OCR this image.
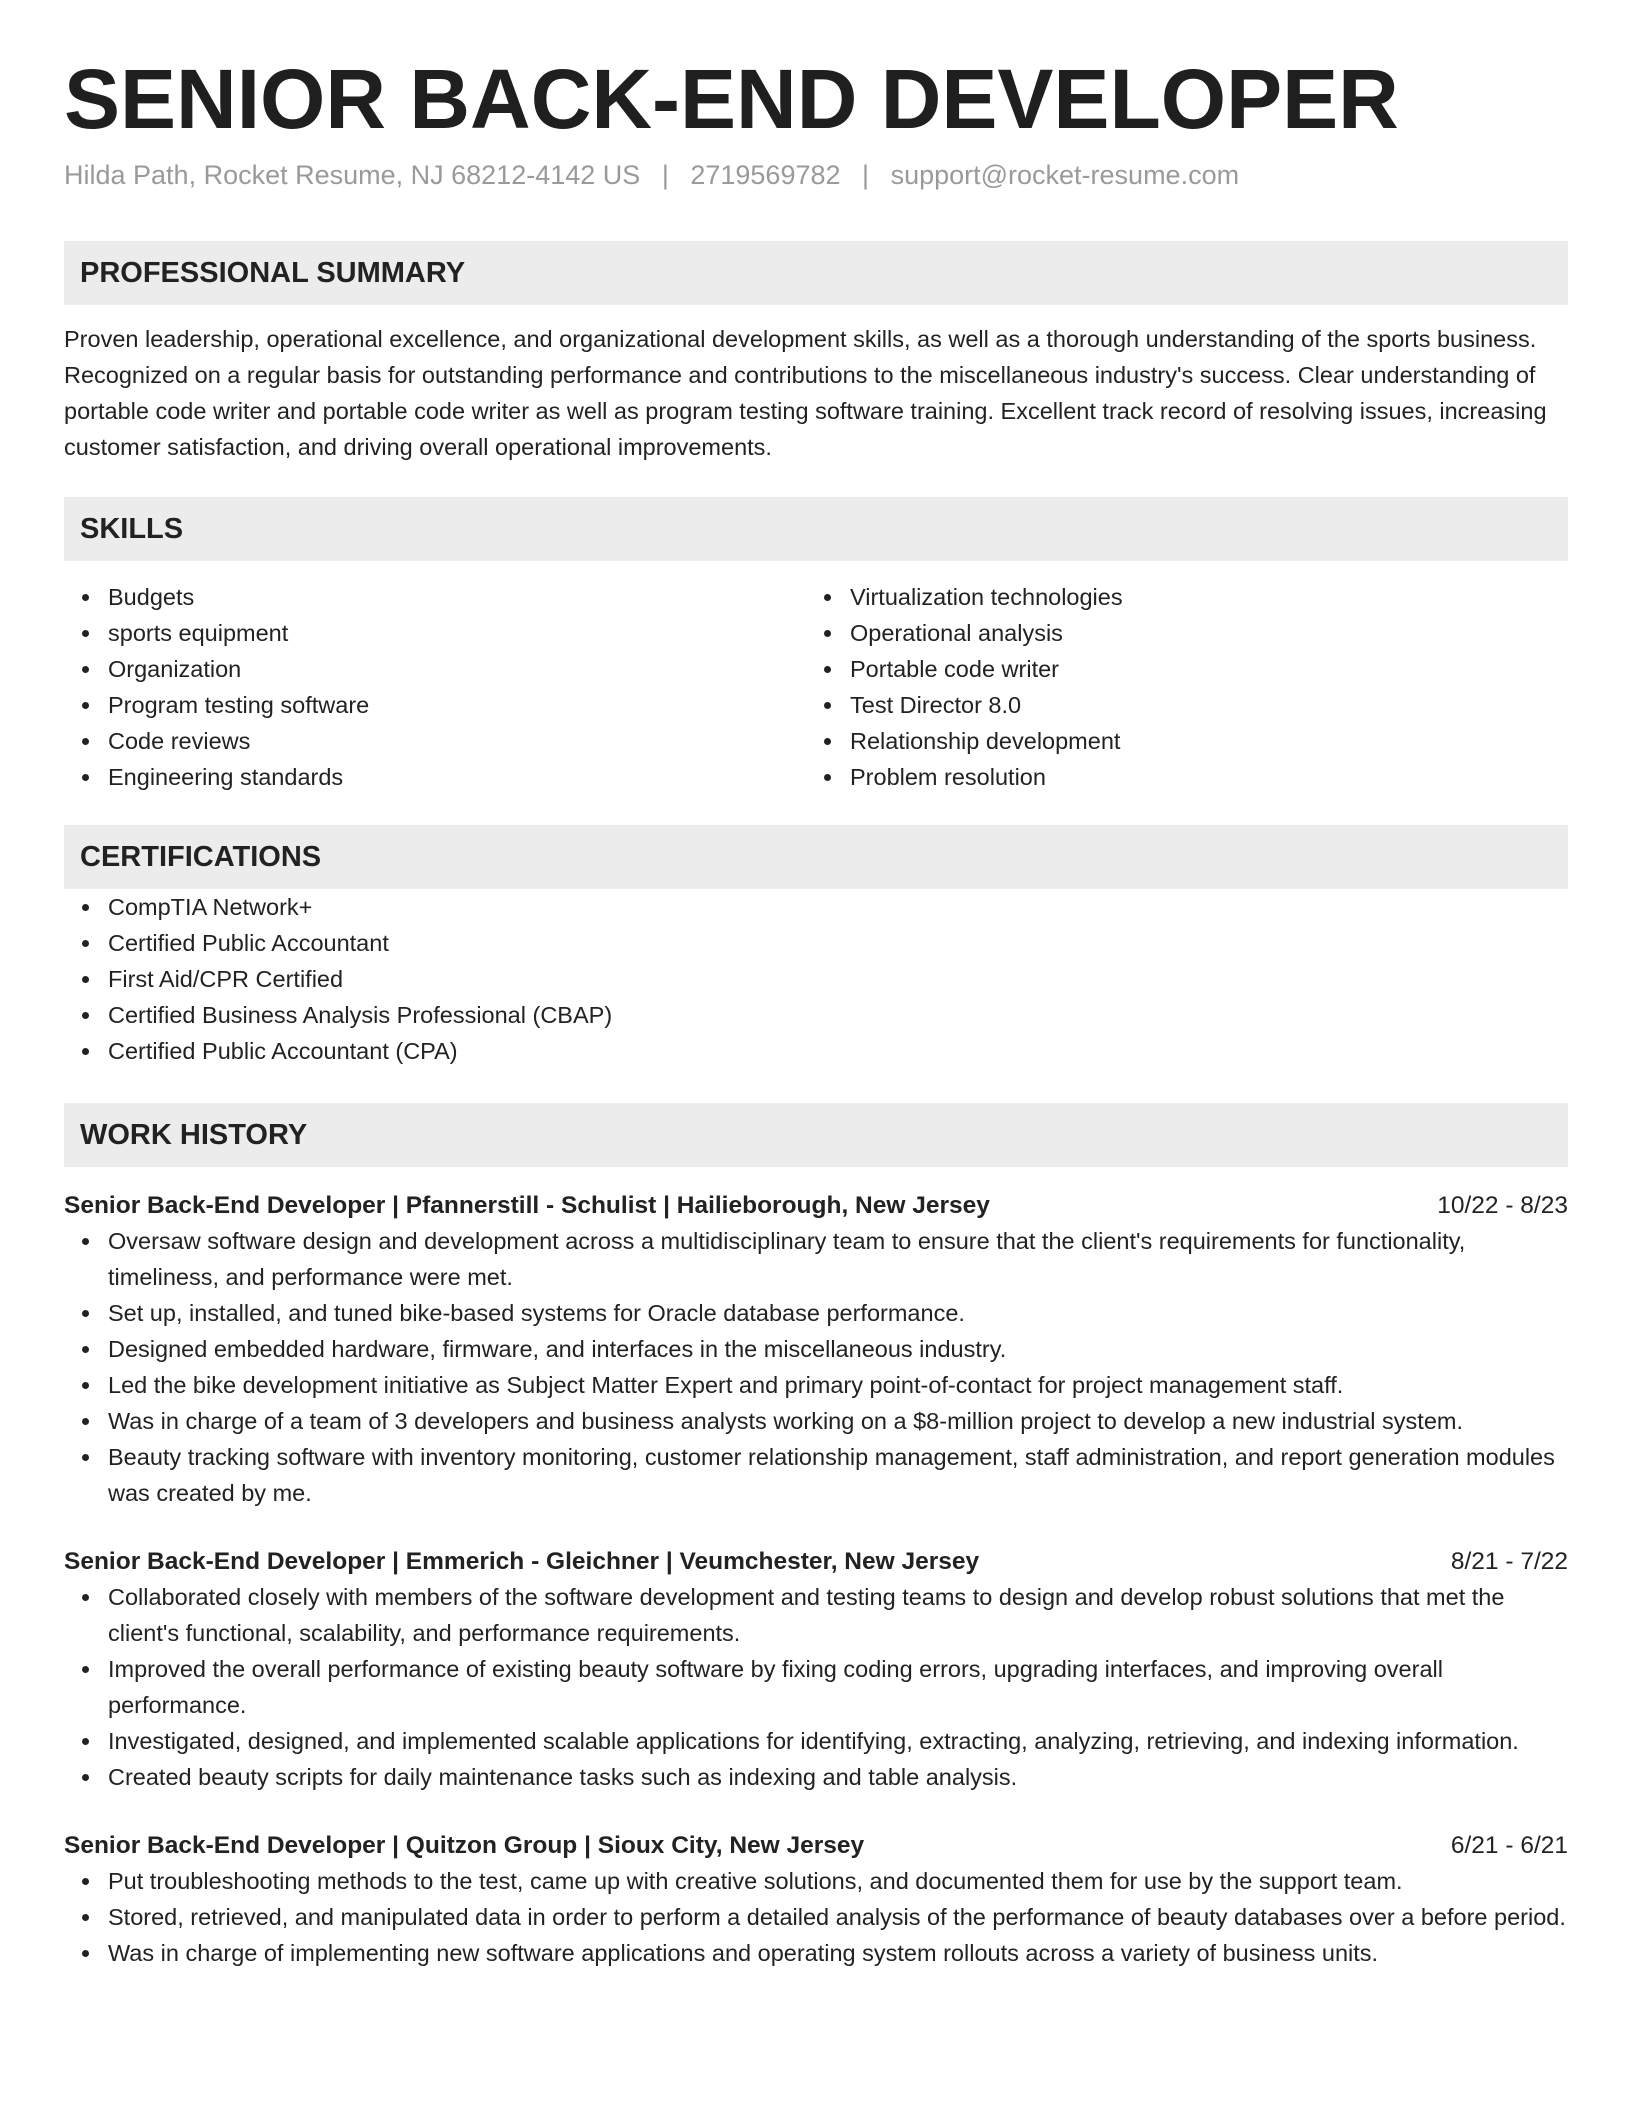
SENIOR BACK-END DEVELOPER
Hilda Path, Rocket Resume, NJ 68212-4142 US | 2719569782 | support@rocket-resume.com
PROFESSIONAL SUMMARY

Proven leadership, operational excellence, and organizational development skills, as well as a thorough understanding of the sports business. Recognized on a regular basis for outstanding performance and contributions to the miscellaneous industry's success. Clear understanding of portable code writer and portable code writer as well as program testing software training. Excellent track record of resolving issues, increasing customer satisfaction, and driving overall operational improvements.

SKILLS
Budgets
sports equipment
Organization
Program testing software
Code reviews
Engineering standards
Virtualization technologies
Operational analysis
Portable code writer
Test Director 8.0
Relationship development
Problem resolution
CERTIFICATIONS
CompTIA Network+
Certified Public Accountant
First Aid/CPR Certified
Certified Business Analysis Professional (CBAP)
Certified Public Accountant (CPA)
WORK HISTORY
Senior Back-End Developer | Pfannerstill - Schulist | Hailieborough, New Jersey	10/22 - 8/23
Oversaw software design and development across a multidisciplinary team to ensure that the client's requirements for functionality, timeliness, and performance were met.
Set up, installed, and tuned bike-based systems for Oracle database performance.
Designed embedded hardware, firmware, and interfaces in the miscellaneous industry.
Led the bike development initiative as Subject Matter Expert and primary point-of-contact for project management staff.
Was in charge of a team of 3 developers and business analysts working on a $8-million project to develop a new industrial system.
Beauty tracking software with inventory monitoring, customer relationship management, staff administration, and report generation modules was created by me.
Senior Back-End Developer | Emmerich - Gleichner | Veumchester, New Jersey	8/21 - 7/22
Collaborated closely with members of the software development and testing teams to design and develop robust solutions that met the client's functional, scalability, and performance requirements.
Improved the overall performance of existing beauty software by fixing coding errors, upgrading interfaces, and improving overall performance.
Investigated, designed, and implemented scalable applications for identifying, extracting, analyzing, retrieving, and indexing information.
Created beauty scripts for daily maintenance tasks such as indexing and table analysis.
Senior Back-End Developer | Quitzon Group | Sioux City, New Jersey	6/21 - 6/21
Put troubleshooting methods to the test, came up with creative solutions, and documented them for use by the support team.
Stored, retrieved, and manipulated data in order to perform a detailed analysis of the performance of beauty databases over a before period.
Was in charge of implementing new software applications and operating system rollouts across a variety of business units.
